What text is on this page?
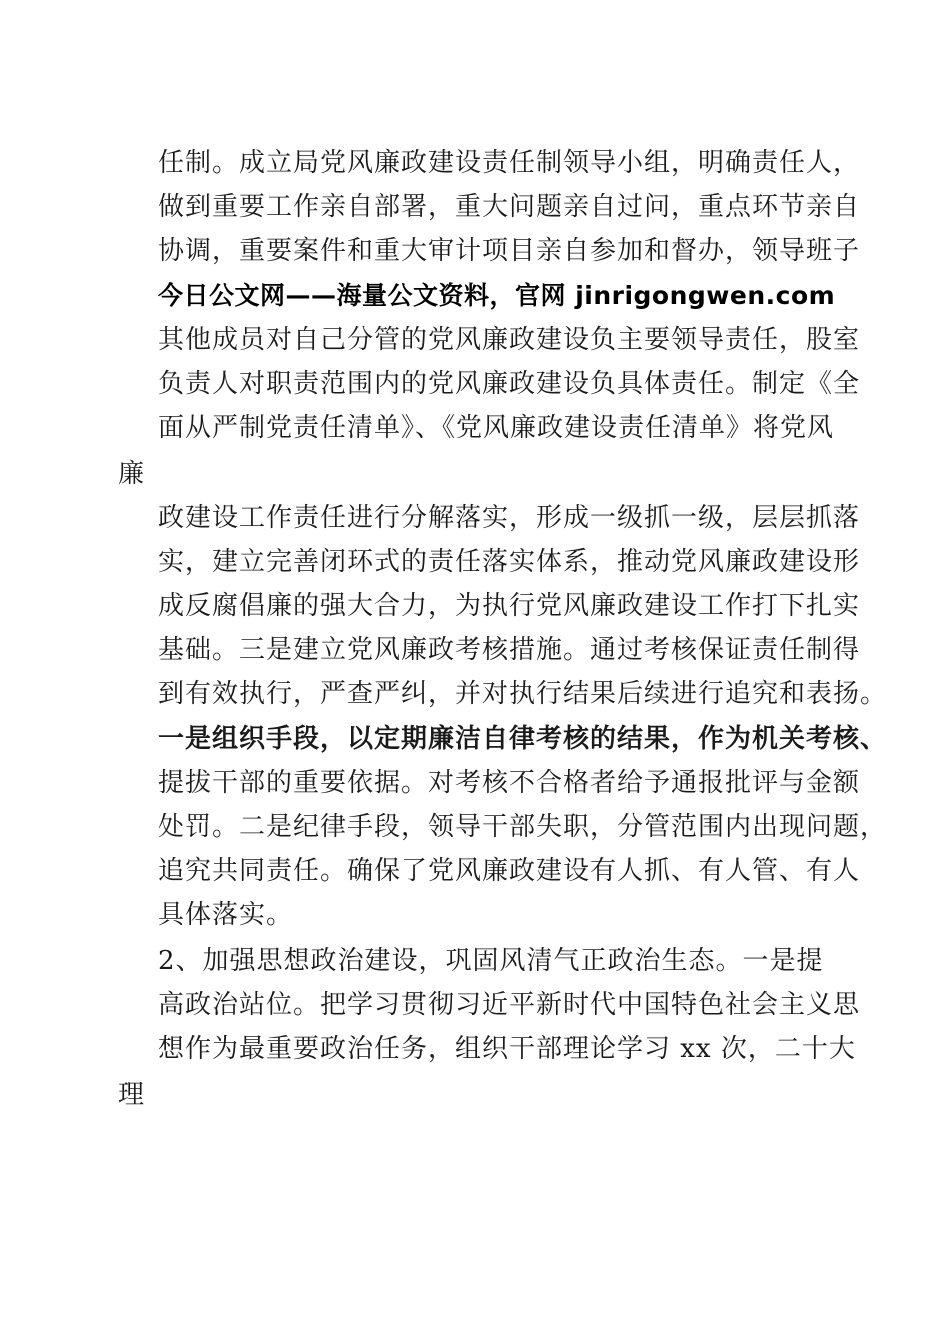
任制。成立局党风廉政建设责任制领导小组，明确责任人，
做到重要工作亲自部署，重大问题亲自过问，重点环节亲自
协调，重要案件和重大审计项目亲自参加和督办，领导班子
今日公文网——海量公文资料，官网 jinrigongwen.com
其他成员对自己分管的党风廉政建设负主要领导责任，股室
负责人对职责范围内的党风廉政建设负具体责任。制定《全
面从严制党责任清单》、《党风廉政建设责任清单》将党风
廉
政建设工作责任进行分解落实，形成一级抓一级，层层抓落
实，建立完善闭环式的责任落实体系，推动党风廉政建设形
成反腐倡廉的强大合力，为执行党风廉政建设工作打下扎实
基础。三是建立党风廉政考核措施。通过考核保证责任制得
到有效执行，严查严纠，并对执行结果后续进行追究和表扬。
一是组织手段，以定期廉洁自律考核的结果，作为机关考核、
提拔干部的重要依据。对考核不合格者给予通报批评与金额
处罚。二是纪律手段，领导干部失职，分管范围内出现问题，
追究共同责任。确保了党风廉政建设有人抓、有人管、有人
具体落实。
2、加强思想政治建设，巩固风清气正政治生态。一是提
高政治站位。把学习贯彻习近平新时代中国特色社会主义思
想作为最重要政治任务，组织干部理论学习 xx 次，二十大
理
